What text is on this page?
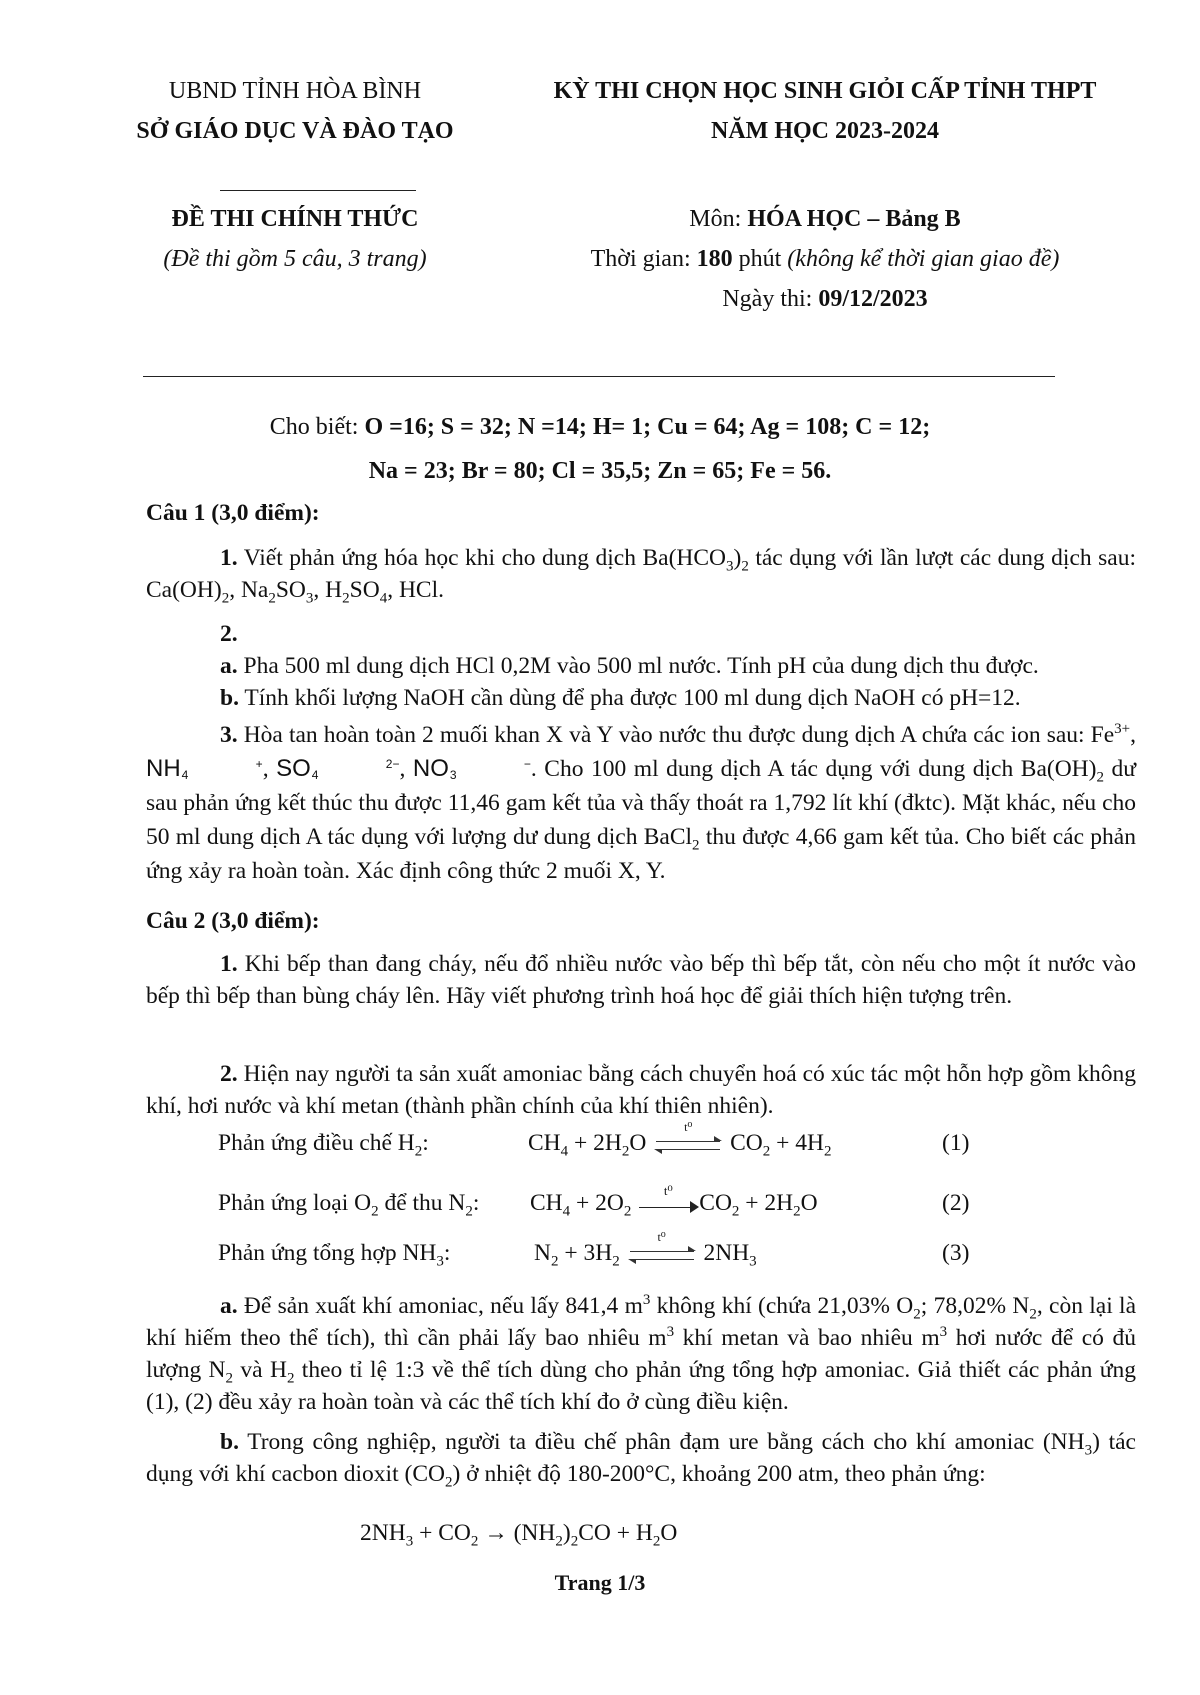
UBND TỈNH HÒA BÌNH
SỞ GIÁO DỤC VÀ ĐÀO TẠO
KỲ THI CHỌN HỌC SINH GIỎI CẤP TỈNH THPT
NĂM HỌC 2023-2024
ĐỀ THI CHÍNH THỨC
(Đề thi gồm 5 câu, 3 trang)
Môn: HÓA HỌC – Bảng B
Thời gian: 180 phút (không kể thời gian giao đề)
Ngày thi: 09/12/2023
Cho biết: O =16; S = 32; N =14; H= 1; Cu = 64; Ag = 108; C = 12;
Na = 23; Br = 80; Cl = 35,5; Zn = 65; Fe = 56.
Câu 1 (3,0 điểm):

1. Viết phản ứng hóa học khi cho dung dịch $Ba(HCO_3)_2$ tác dụng với lần lượt các dung dịch sau: $Ca(OH)_2$, $Na_2SO_3$, $H_2SO_4$, HCl.

2.

a. Pha 500 ml dung dịch HCl 0,2M vào 500 ml nước. Tính pH của dung dịch thu được.

b. Tính khối lượng NaOH cần dùng để pha được 100 ml dung dịch NaOH có pH=12.

3. Hòa tan hoàn toàn 2 muối khan X và Y vào nước thu được dung dịch A chứa các ion sau: $Fe^{3+}$, NH	+
4	, SO	2−
4	, NO	−
3	. Cho 100 ml dung dịch A tác dụng với dung dịch $Ba(OH)_2$ dư sau phản ứng kết thúc thu được 11,46 gam kết tủa và thấy thoát ra 1,792 lít khí (đktc). Mặt khác, nếu cho 50 ml dung dịch A tác dụng với lượng dư dung dịch BaCl$_2$ thu được 4,66 gam kết tủa. Cho biết các phản ứng xảy ra hoàn toàn. Xác định công thức 2 muối X, Y.

Câu 2 (3,0 điểm):

1. Khi bếp than đang cháy, nếu đổ nhiều nước vào bếp thì bếp tắt, còn nếu cho một ít nước vào bếp thì bếp than bùng cháy lên. Hãy viết phương trình hoá học để giải thích hiện tượng trên.

2. Hiện nay người ta sản xuất amoniac bằng cách chuyển hoá có xúc tác một hỗn hợp gồm không khí, hơi nước và khí metan (thành phần chính của khí thiên nhiên).

Phản ứng điều chế $H_2$:	$CH_4 + 2H_2O$
t⁰
$CO_2 + 4H_2$	(1)
Phản ứng loại $O_2$ để thu $N_2$: $CH_4 + 2O_2$
t⁰	$CO_2 + 2H_2O$	(2)
Phản ứng tổng hợp $NH_3$:	$N_2 + 3H_2$
t⁰
$2NH_3$	(3)

a. Để sản xuất khí amoniac, nếu lấy 841,4 $m^3$ không khí (chứa 21,03% $O_2$; 78,02% $N_2$, còn lại là khí hiếm theo thể tích), thì cần phải lấy bao nhiêu $m^3$ khí metan và bao nhiêu $m^3$ hơi nước để có đủ lượng $N_2$ và $H_2$ theo tỉ lệ 1:3 về thể tích dùng cho phản ứng tổng hợp amoniac. Giả thiết các phản ứng (1), (2) đều xảy ra hoàn toàn và các thể tích khí đo ở cùng điều kiện.

b. Trong công nghiệp, người ta điều chế phân đạm ure bằng cách cho khí amoniac $(NH_3)$ tác dụng với khí cacbon dioxit $(CO_2)$ ở nhiệt độ 180-200°C, khoảng 200 atm, theo phản ứng:

$2NH_3 + CO_2 \to (NH_2)_2CO + H_2O$
Trang 1/3
